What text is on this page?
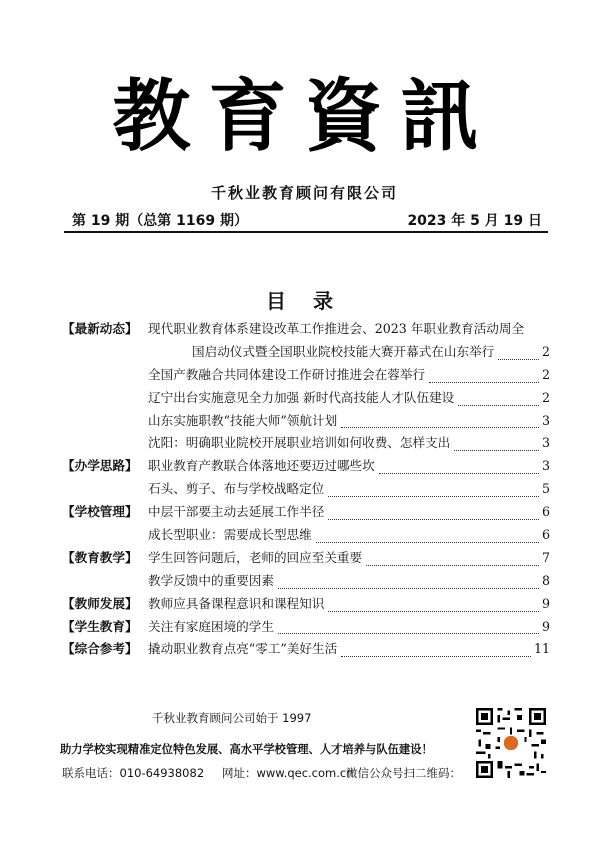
教育資訊
千秋业教育顾问有限公司
第 19 期（总第 1169 期）	2023 年 5 月 19 日
目 录
【最新动态】 现代职业教育体系建设改革工作推进会、2023 年职业教育活动周全
国启动仪式暨全国职业院校技能大赛开幕式在山东举行	2
全国产教融合共同体建设工作研讨推进会在蓉举行	2
辽宁出台实施意见全力加强 新时代高技能人才队伍建设	2
山东实施职教“技能大师”领航计划	3
沈阳：明确职业院校开展职业培训如何收费、怎样支出	3
【办学思路】 职业教育产教联合体落地还要迈过哪些坎	3
石头、剪子、布与学校战略定位	5
【学校管理】 中层干部要主动去延展工作半径	6
成长型职业：需要成长型思维	6
【教育教学】 学生回答问题后，老师的回应至关重要	7
教学反馈中的重要因素	8
【教师发展】 教师应具备课程意识和课程知识	9
【学生教育】 关注有家庭困境的学生	9
【综合参考】 撬动职业教育点亮“零工”美好生活	11
千秋业教育顾问公司始于 1997
助力学校实现精准定位特色发展、高水平学校管理、人才培养与队伍建设！
联系电话：010-64938082 网址：www.qec.com.cn
微信公众号扫二维码：
